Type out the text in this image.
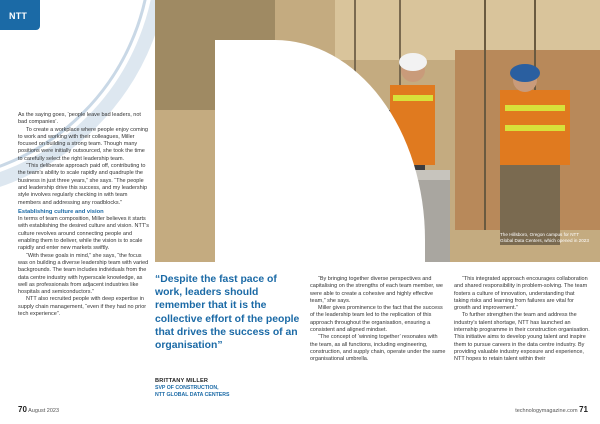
NTT
The Hillsboro, Oregon campus for NTT Global Data Centers, which opened in 2023

As the saying goes, ‘people leave bad leaders, not bad companies’.

To create a workplace where people enjoy coming to work and working with their colleagues, Miller focused on building a strong team. Though many positions were initially outsourced, she took the time to carefully select the right leadership team.

“This deliberate approach paid off, contributing to the team’s ability to scale rapidly and quadruple the business in just three years,” she says. “The people and leadership drive this success, and my leadership style involves regularly checking in with team members and addressing any roadblocks.”

Establishing culture and vision

In terms of team composition, Miller believes it starts with establishing the desired culture and vision. NTT’s culture revolves around connecting people and enabling them to deliver, while the vision is to scale rapidly and enter new markets swiftly.

“With these goals in mind,” she says, “the focus was on building a diverse leadership team with varied backgrounds. The team includes individuals from the data centre industry with hyperscale knowledge, as well as professionals from adjacent industries like hospitals and semiconductors.”

NTT also recruited people with deep expertise in supply chain management, “even if they had no prior tech experience”.

“Despite the fast pace of work, leaders should remember that it is the collective effort of the people that drives the success of an organisation”
BRITTANY MILLER
SVP OF CONSTRUCTION,
NTT GLOBAL DATA CENTERS

“By bringing together diverse perspectives and capitalising on the strengths of each team member, we were able to create a cohesive and highly effective team,” she says.

Miller gives prominence to the fact that the success of the leadership team led to the replication of this approach throughout the organisation, ensuring a consistent and aligned mindset.

“The concept of ‘winning together’ resonates with the team, as all functions, including engineering, construction, and supply chain, operate under the same organisational umbrella.

“This integrated approach encourages collaboration and shared responsibility in problem-solving. The team fosters a culture of innovation, understanding that taking risks and learning from failures are vital for growth and improvement.”

To further strengthen the team and address the industry’s talent shortage, NTT has launched an internship programme in their construction organisation. This initiative aims to develop young talent and inspire them to pursue careers in the data centre industry. By providing valuable industry exposure and experience, NTT hopes to retain talent within their

70 August 2023	technologymagazine.com 71
